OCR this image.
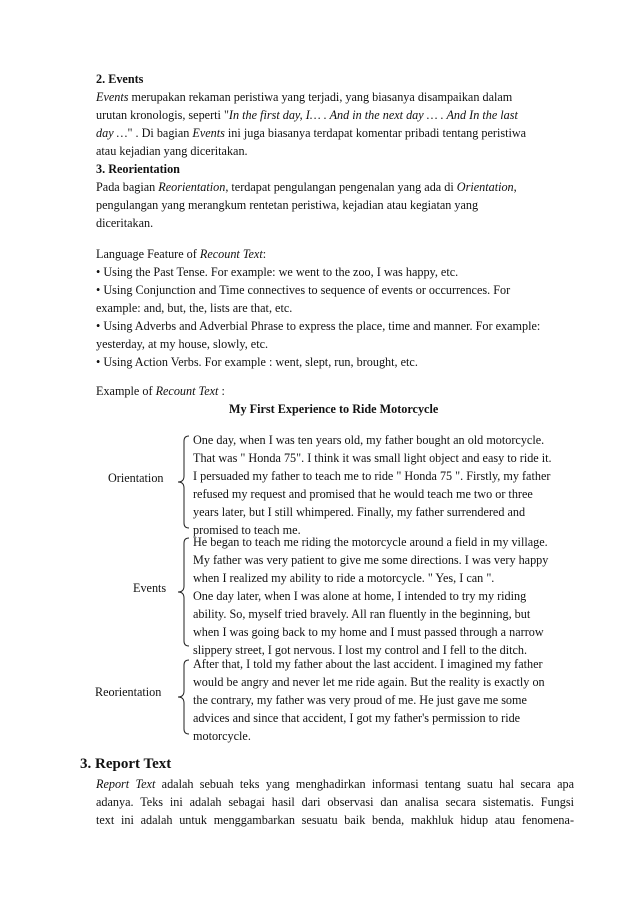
2. Events
Events merupakan rekaman peristiwa yang terjadi, yang biasanya disampaikan dalam
urutan kronologis, seperti "In the first day, I… . And in the next day … . And In the last
day …" . Di bagian Events ini juga biasanya terdapat komentar pribadi tentang peristiwa
atau kejadian yang diceritakan.
3. Reorientation
Pada bagian Reorientation, terdapat pengulangan pengenalan yang ada di Orientation,
pengulangan yang merangkum rentetan peristiwa, kejadian atau kegiatan yang
diceritakan.
Language Feature of Recount Text:
• Using the Past Tense. For example: we went to the zoo, I was happy, etc.
• Using Conjunction and Time connectives to sequence of events or occurrences. For
example: and, but, the, lists are that, etc.
• Using Adverbs and Adverbial Phrase to express the place, time and manner. For example:
yesterday, at my house, slowly, etc.
• Using Action Verbs. For example : went, slept, run, brought, etc.
Example of Recount Text :
My First Experience to Ride Motorcycle
Orientation
One day, when I was ten years old, my father bought an old motorcycle.
That was " Honda 75". I think it was small light object and easy to ride it.
I persuaded my father to teach me to ride " Honda 75 ". Firstly, my father
refused my request and promised that he would teach me two or three
years later, but I still whimpered. Finally, my father surrendered and
promised to teach me.
Events
He began to teach me riding the motorcycle around a field in my village.
My father was very patient to give me some directions. I was very happy
when I realized my ability to ride a motorcycle. " Yes, I can ".
One day later, when I was alone at home, I intended to try my riding
ability. So, myself tried bravely. All ran fluently in the beginning, but
when I was going back to my home and I must passed through a narrow
slippery street, I got nervous. I lost my control and I fell to the ditch.
Reorientation
After that, I told my father about the last accident. I imagined my father
would be angry and never let me ride again. But the reality is exactly on
the contrary, my father was very proud of me. He just gave me some
advices and since that accident, I got my father's permission to ride
motorcycle.
3. Report Text
Report Text adalah sebuah teks yang menghadirkan informasi tentang suatu hal secara apa
adanya. Teks ini adalah sebagai hasil dari observasi dan analisa secara sistematis. Fungsi
text ini adalah untuk menggambarkan sesuatu baik benda, makhluk hidup atau fenomena-
